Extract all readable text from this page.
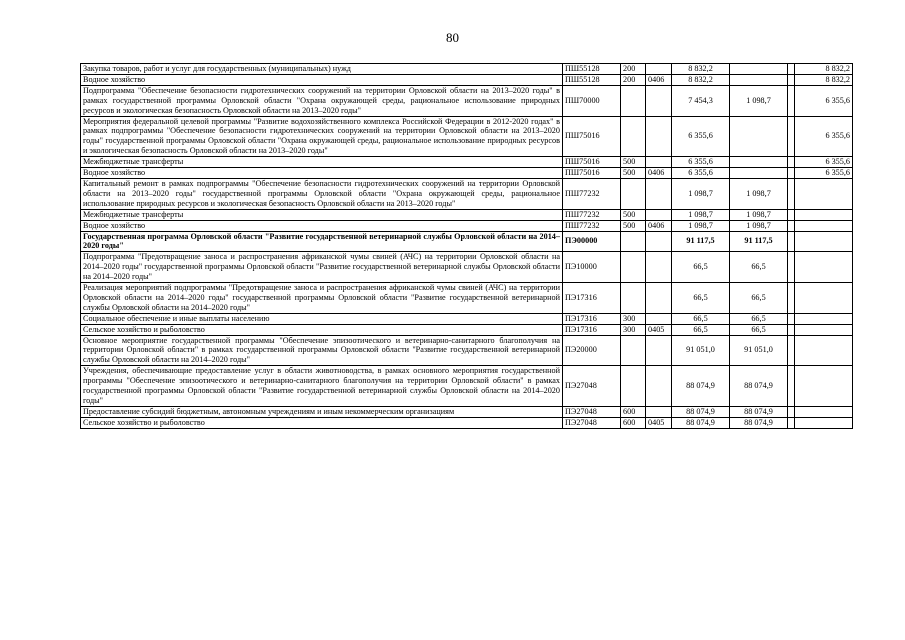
80
Закупка товаров, работ и услуг для государственных (муниципальных) нужд	ПШ55128	200		8 832,2			8 832,2
Водное хозяйство	ПШ55128	200	0406	8 832,2			8 832,2
Подпрограмма "Обеспечение безопасности гидротехнических сооружений на территории Орловской области на 2013–2020 годы" в рамках государственной программы Орловской области "Охрана окружающей среды, рациональное использование природных ресурсов и экологическая безопасность Орловской области на 2013–2020 годы"	ПШ70000			7 454,3	1 098,7		6 355,6
Мероприятия федеральной целевой программы "Развитие водохозяйственного комплекса Российской Федерации в 2012-2020 годах" в рамках подпрограммы "Обеспечение безопасности гидротехнических сооружений на территории Орловской области на 2013–2020 годы" государственной программы Орловской области "Охрана окружающей среды, рациональное использование природных ресурсов и экологическая безопасность Орловской области на 2013–2020 годы"	ПШ75016			6 355,6			6 355,6
Межбюджетные трансферты	ПШ75016	500		6 355,6			6 355,6
Водное хозяйство	ПШ75016	500	0406	6 355,6			6 355,6
Капитальный ремонт в рамках подпрограммы "Обеспечение безопасности гидротехнических сооружений на территории Орловской области на 2013–2020 годы" государственной программы Орловской области "Охрана окружающей среды, рациональное использование природных ресурсов и экологическая безопасность Орловской области на 2013–2020 годы"	ПШ77232			1 098,7	1 098,7		
Межбюджетные трансферты	ПШ77232	500		1 098,7	1 098,7		
Водное хозяйство	ПШ77232	500	0406	1 098,7	1 098,7		
Государственная программа Орловской области "Развитие государственной ветеринарной службы Орловской области на 2014–2020 годы"	ПЭ00000			91 117,5	91 117,5		
Подпрограмма "Предотвращение заноса и распространения африканской чумы свиней (АЧС) на территории Орловской области на 2014–2020 годы" государственной программы Орловской области "Развитие государственной ветеринарной службы Орловской области на 2014–2020 годы"	ПЭ10000			66,5	66,5		
Реализация мероприятий подпрограммы "Предотвращение заноса и распространения африканской чумы свиней (АЧС) на территории Орловской области на 2014–2020 годы" государственной программы Орловской области "Развитие государственной ветеринарной службы Орловской области на 2014–2020 годы"	ПЭ17316			66,5	66,5		
Социальное обеспечение и иные выплаты населению	ПЭ17316	300		66,5	66,5		
Сельское хозяйство и рыболовство	ПЭ17316	300	0405	66,5	66,5		
Основное мероприятие государственной программы "Обеспечение эпизоотического и ветеринарно-санитарного благополучия на территории Орловской области" в рамках государственной программы Орловской области "Развитие государственной ветеринарной службы Орловской области на 2014–2020 годы"	ПЭ20000			91 051,0	91 051,0		
Учреждения, обеспечивающие предоставление услуг в области животноводства, в рамках основного мероприятия государственной программы "Обеспечение эпизоотического и ветеринарно-санитарного благополучия на территории Орловской области" в рамках государственной программы Орловской области "Развитие государственной ветеринарной службы Орловской области на 2014–2020 годы"	ПЭ27048			88 074,9	88 074,9		
Предоставление субсидий бюджетным, автономным учреждениям и иным некоммерческим организациям	ПЭ27048	600		88 074,9	88 074,9		
Сельское хозяйство и рыболовство	ПЭ27048	600	0405	88 074,9	88 074,9		
